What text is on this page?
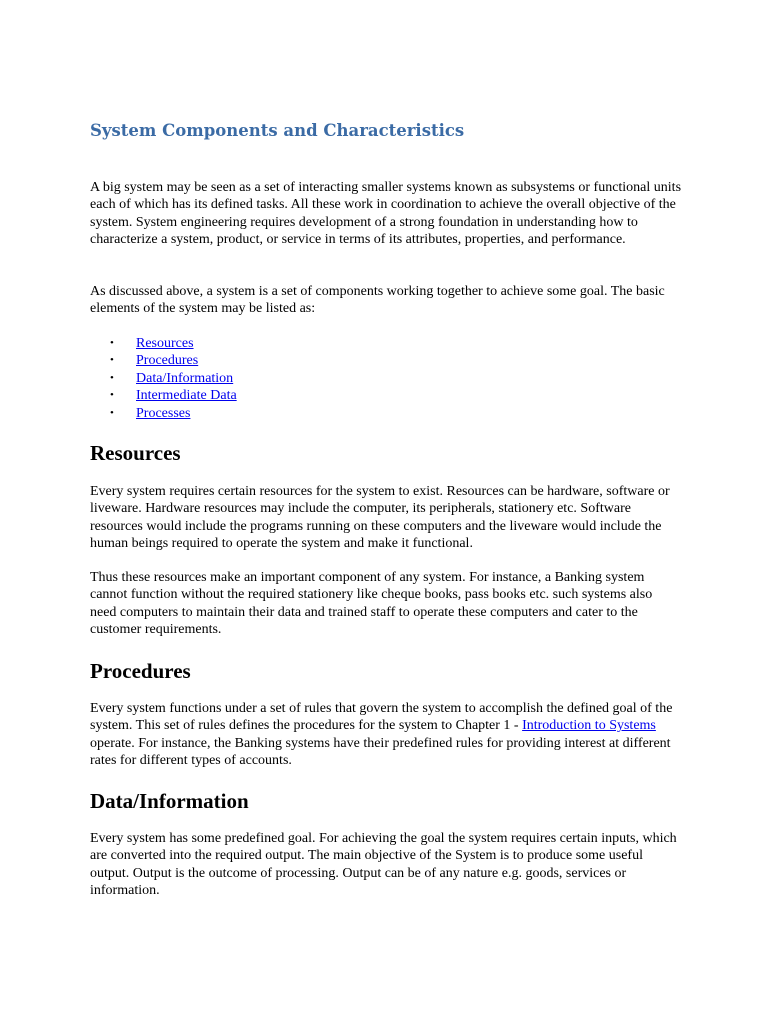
System Components and Characteristics

A big system may be seen as a set of interacting smaller systems known as subsystems or functional units each of which has its defined tasks. All these work in coordination to achieve the overall objective of the system. System engineering requires development of a strong foundation in understanding how to characterize a system, product, or service in terms of its attributes, properties, and performance.

As discussed above, a system is a set of components working together to achieve some goal. The basic elements of the system may be listed as:

• Resources
• Procedures
• Data/Information
• Intermediate Data
• Processes
Resources

Every system requires certain resources for the system to exist. Resources can be hardware, software or liveware. Hardware resources may include the computer, its peripherals, stationery etc. Software resources would include the programs running on these computers and the liveware would include the human beings required to operate the system and make it functional.

Thus these resources make an important component of any system. For instance, a Banking system cannot function without the required stationery like cheque books, pass books etc. such systems also need computers to maintain their data and trained staff to operate these computers and cater to the customer requirements.

Procedures

Every system functions under a set of rules that govern the system to accomplish the defined goal of the system. This set of rules defines the procedures for the system to Chapter 1 - Introduction to Systems operate. For instance, the Banking systems have their predefined rules for providing interest at different rates for different types of accounts.

Data/Information

Every system has some predefined goal. For achieving the goal the system requires certain inputs, which are converted into the required output. The main objective of the System is to produce some useful output. Output is the outcome of processing. Output can be of any nature e.g. goods, services or information.
